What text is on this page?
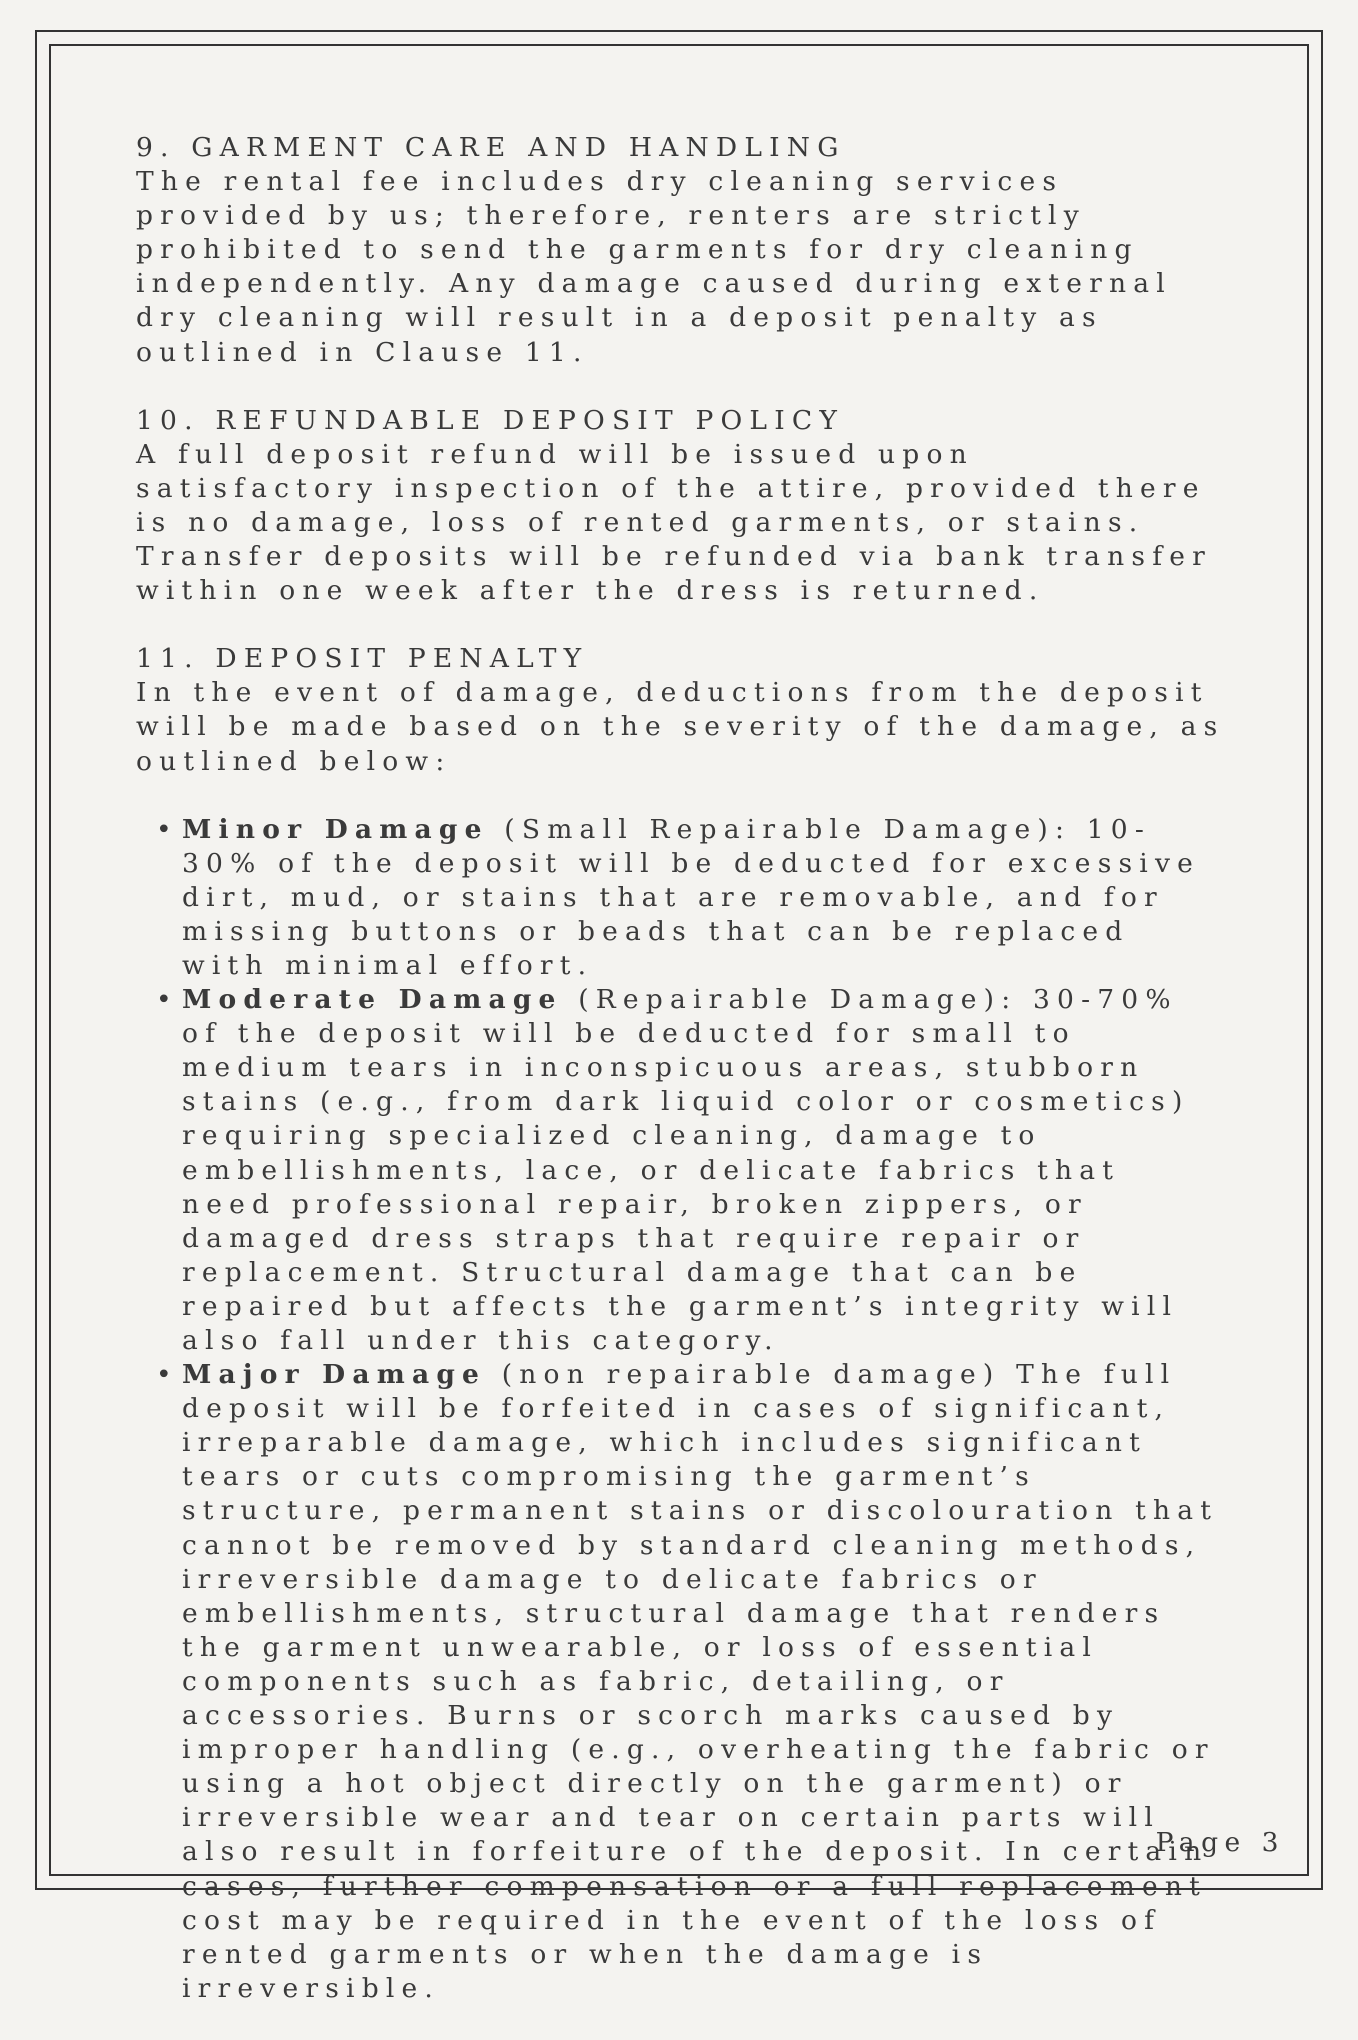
9. GARMENT CARE AND HANDLING

The rental fee includes dry cleaning services provided by us; therefore, renters are strictly prohibited to send the garments for dry cleaning independently. Any damage caused during external dry cleaning will result in a deposit penalty as outlined in Clause 11.

10. REFUNDABLE DEPOSIT POLICY

A full deposit refund will be issued upon satisfactory inspection of the attire, provided there is no damage, loss of rented garments, or stains. Transfer deposits will be refunded via bank transfer within one week after the dress is returned.

11. DEPOSIT PENALTY

In the event of damage, deductions from the deposit will be made based on the severity of the damage, as outlined below:

• Minor Damage (Small Repairable Damage): 10-30% of the deposit will be deducted for excessive dirt, mud, or stains that are removable, and for missing buttons or beads that can be replaced with minimal effort.
• Moderate Damage (Repairable Damage): 30-70% of the deposit will be deducted for small to medium tears in inconspicuous areas, stubborn stains (e.g., from dark liquid color or cosmetics) requiring specialized cleaning, damage to embellishments, lace, or delicate fabrics that need professional repair, broken zippers, or damaged dress straps that require repair or replacement. Structural damage that can be repaired but affects the garment’s integrity will also fall under this category.
• Major Damage (non repairable damage) The full deposit will be forfeited in cases of significant, irreparable damage, which includes significant tears or cuts compromising the garment’s structure, permanent stains or discolouration that cannot be removed by standard cleaning methods, irreversible damage to delicate fabrics or embellishments, structural damage that renders the garment unwearable, or loss of essential components such as fabric, detailing, or accessories. Burns or scorch marks caused by improper handling (e.g., overheating the fabric or using a hot object directly on the garment) or irreversible wear and tear on certain parts will also result in forfeiture of the deposit. In certain cases, further compensation or a full replacement cost may be required in the event of the loss of rented garments or when the damage is irreversible.
Page 3
